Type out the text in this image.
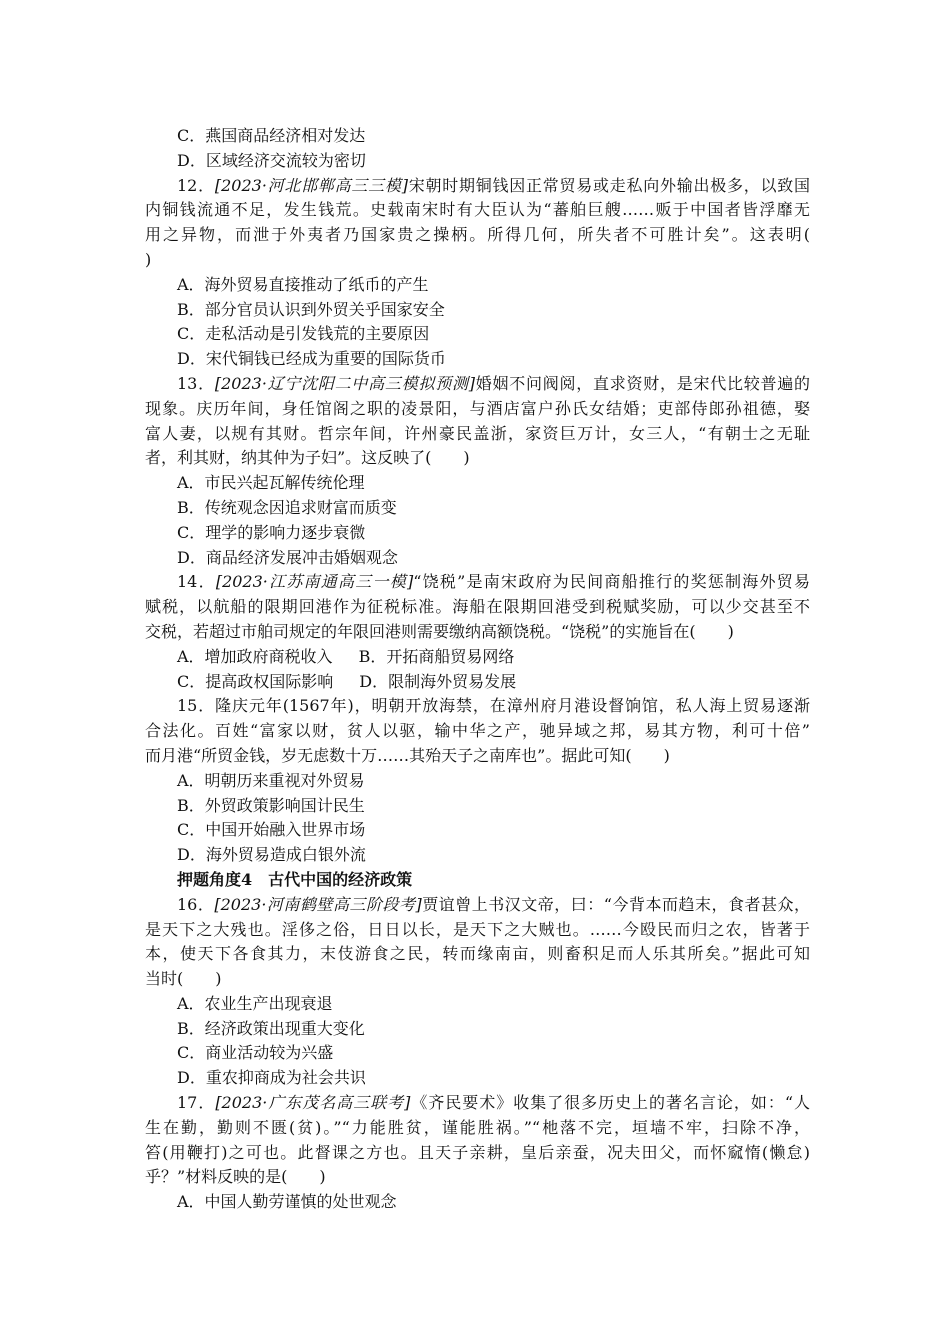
C．燕国商品经济相对发达
D．区域经济交流较为密切
12．[2023·河北邯郸高三三模]宋朝时期铜钱因正常贸易或走私向外输出极多，以致国
内铜钱流通不足，发生钱荒。史载南宋时有大臣认为“蕃舶巨艘……贩于中国者皆浮靡无
用之异物，而泄于外夷者乃国家贵之操柄。所得几何，所失者不可胜计矣”。这表明(
)
A．海外贸易直接推动了纸币的产生
B．部分官员认识到外贸关乎国家安全
C．走私活动是引发钱荒的主要原因
D．宋代铜钱已经成为重要的国际货币
13．[2023·辽宁沈阳二中高三模拟预测]婚姻不问阀阅，直求资财，是宋代比较普遍的
现象。庆历年间，身任馆阁之职的凌景阳，与酒店富户孙氏女结婚；吏部侍郎孙祖德，娶
富人妻，以规有其财。哲宗年间，许州豪民盖浙，家资巨万计，女三人，“有朝士之无耻
者，利其财，纳其仲为子妇”。这反映了(　　)
A．市民兴起瓦解传统伦理
B．传统观念因追求财富而质变
C．理学的影响力逐步衰微
D．商品经济发展冲击婚姻观念
14．[2023·江苏南通高三一模]“饶税”是南宋政府为民间商船推行的奖惩制海外贸易
赋税，以航船的限期回港作为征税标准。海船在限期回港受到税赋奖励，可以少交甚至不
交税，若超过市舶司规定的年限回港则需要缴纳高额饶税。“饶税”的实施旨在(　　)
A．增加政府商税收入 B．开拓商船贸易网络
C．提高政权国际影响 D．限制海外贸易发展
15．隆庆元年(1567年)，明朝开放海禁，在漳州府月港设督饷馆，私人海上贸易逐渐
合法化。百姓“富家以财，贫人以驱，输中华之产，驰异域之邦，易其方物，利可十倍”
而月港“所贸金钱，岁无虑数十万……其殆天子之南库也”。据此可知(　　)
A．明朝历来重视对外贸易
B．外贸政策影响国计民生
C．中国开始融入世界市场
D．海外贸易造成白银外流
押题角度4　古代中国的经济政策
16．[2023·河南鹤壁高三阶段考]贾谊曾上书汉文帝，曰：“今背本而趋末，食者甚众，
是天下之大残也。淫侈之俗，日日以长，是天下之大贼也。……今殴民而归之农，皆著于
本，使天下各食其力，末伎游食之民，转而缘南亩，则畜积足而人乐其所矣。”据此可知
当时(　　)
A．农业生产出现衰退
B．经济政策出现重大变化
C．商业活动较为兴盛
D．重农抑商成为社会共识
17．[2023·广东茂名高三联考]《齐民要术》收集了很多历史上的著名言论，如：“人
生在勤，勤则不匮(贫)。”“力能胜贫，谨能胜祸。”“杝落不完，垣墙不牢，扫除不净，
笞(用鞭打)之可也。此督课之方也。且天子亲耕，皇后亲蚕，况夫田父，而怀窳惰(懒怠)
乎？”材料反映的是(　　)
A．中国人勤劳谨慎的处世观念
